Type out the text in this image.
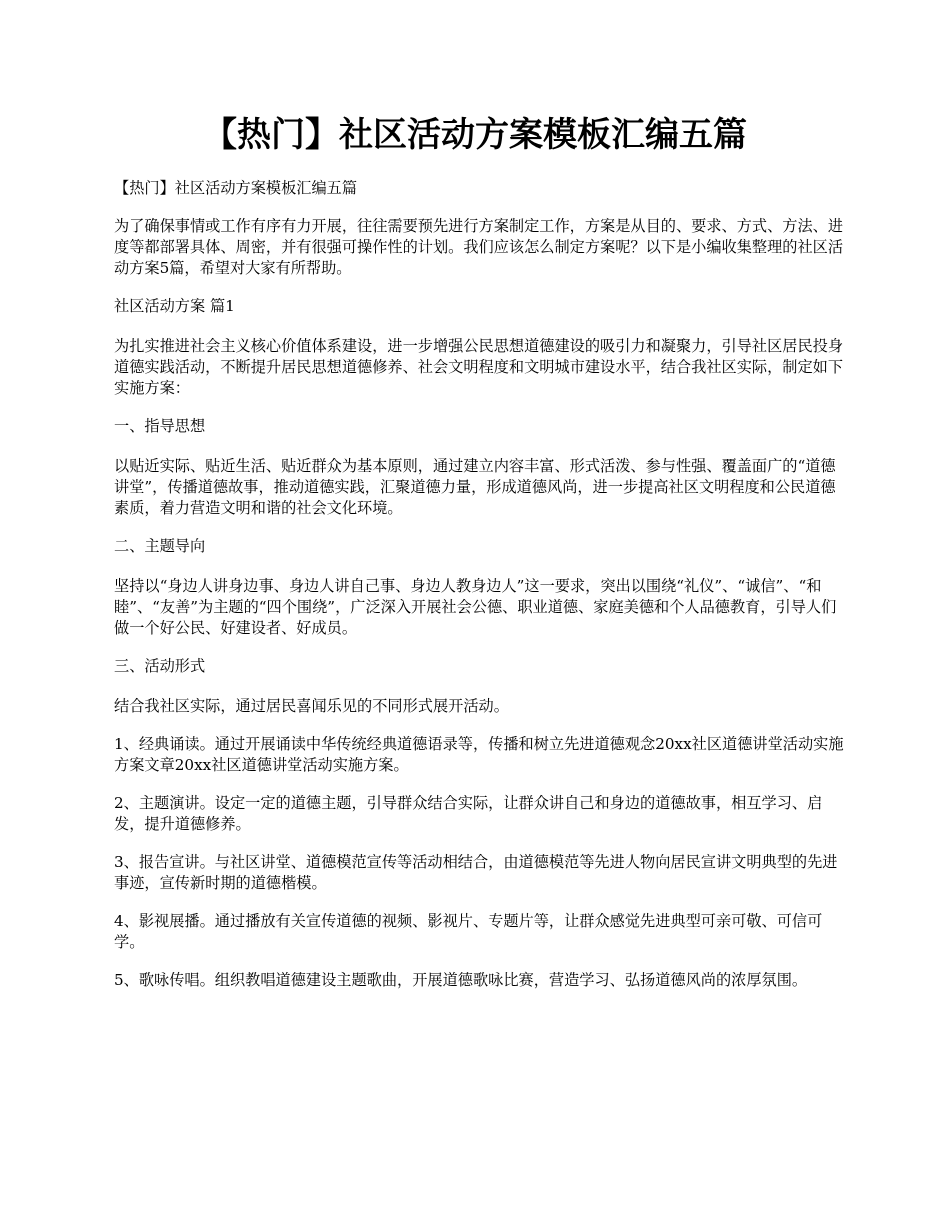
【热门】社区活动方案模板汇编五篇

【热门】社区活动方案模板汇编五篇

为了确保事情或工作有序有力开展，往往需要预先进行方案制定工作，方案是从目的、要求、方式、方法、进度等都部署具体、周密，并有很强可操作性的计划。我们应该怎么制定方案呢？以下是小编收集整理的社区活动方案5篇，希望对大家有所帮助。

社区活动方案 篇1

为扎实推进社会主义核心价值体系建设，进一步增强公民思想道德建设的吸引力和凝聚力，引导社区居民投身道德实践活动，不断提升居民思想道德修养、社会文明程度和文明城市建设水平，结合我社区实际，制定如下实施方案：

一、指导思想

以贴近实际、贴近生活、贴近群众为基本原则，通过建立内容丰富、形式活泼、参与性强、覆盖面广的“道德讲堂”，传播道德故事，推动道德实践，汇聚道德力量，形成道德风尚，进一步提高社区文明程度和公民道德素质，着力营造文明和谐的社会文化环境。

二、主题导向

坚持以“身边人讲身边事、身边人讲自己事、身边人教身边人”这一要求，突出以围绕“礼仪”、“诚信”、“和睦”、“友善”为主题的“四个围绕”，广泛深入开展社会公德、职业道德、家庭美德和个人品德教育，引导人们做一个好公民、好建设者、好成员。

三、活动形式

结合我社区实际，通过居民喜闻乐见的不同形式展开活动。

1、经典诵读。通过开展诵读中华传统经典道德语录等，传播和树立先进道德观念20xx社区道德讲堂活动实施方案文章20xx社区道德讲堂活动实施方案。

2、主题演讲。设定一定的道德主题，引导群众结合实际，让群众讲自己和身边的道德故事，相互学习、启发，提升道德修养。

3、报告宣讲。与社区讲堂、道德模范宣传等活动相结合，由道德模范等先进人物向居民宣讲文明典型的先进事迹，宣传新时期的道德楷模。

4、影视展播。通过播放有关宣传道德的视频、影视片、专题片等，让群众感觉先进典型可亲可敬、可信可学。

5、歌咏传唱。组织教唱道德建设主题歌曲，开展道德歌咏比赛，营造学习、弘扬道德风尚的浓厚氛围。
